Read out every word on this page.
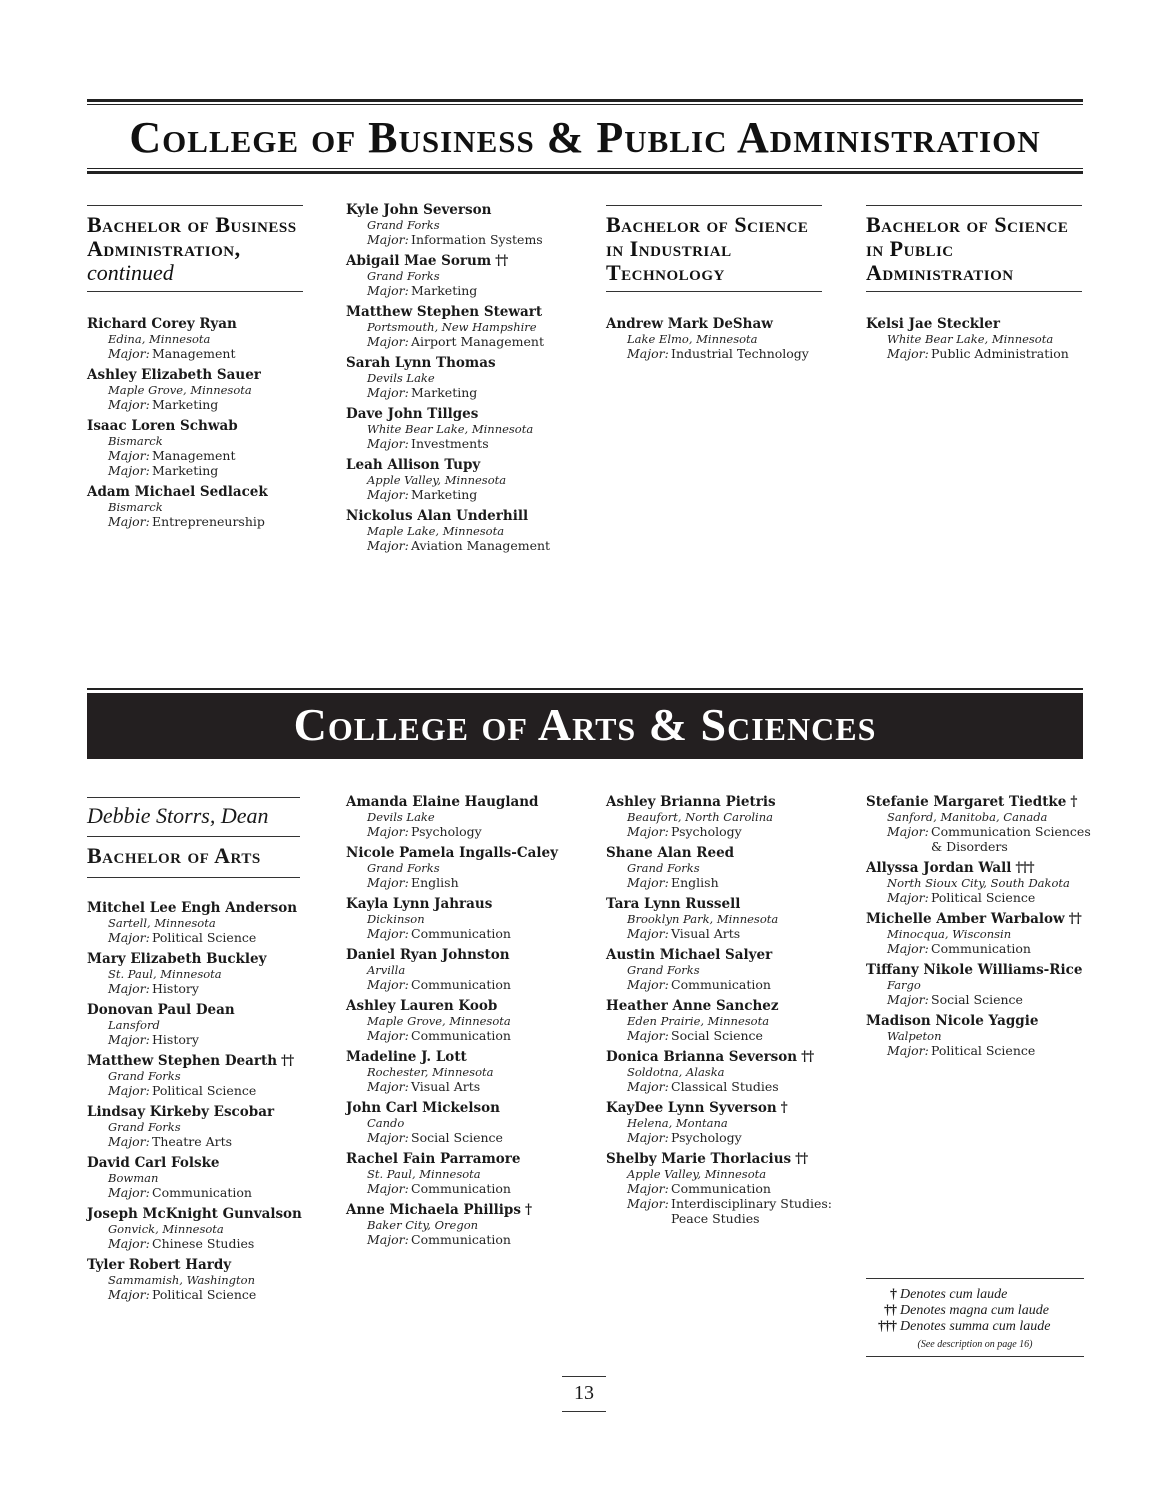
College of Business & Public Administration
Bachelor of Business Administration,
continued
Richard Corey Ryan
Edina, Minnesota
Major: Management
Ashley Elizabeth Sauer
Maple Grove, Minnesota
Major: Marketing
Isaac Loren Schwab
Bismarck
Major: Management
Major: Marketing
Adam Michael Sedlacek
Bismarck
Major: Entrepreneurship
Kyle John Severson
Grand Forks
Major: Information Systems
Abigail Mae Sorum ††
Grand Forks
Major: Marketing
Matthew Stephen Stewart
Portsmouth, New Hampshire
Major: Airport Management
Sarah Lynn Thomas
Devils Lake
Major: Marketing
Dave John Tillges
White Bear Lake, Minnesota
Major: Investments
Leah Allison Tupy
Apple Valley, Minnesota
Major: Marketing
Nickolus Alan Underhill
Maple Lake, Minnesota
Major: Aviation Management
Bachelor of Science in Industrial Technology
Andrew Mark DeShaw
Lake Elmo, Minnesota
Major: Industrial Technology
Bachelor of Science in Public Administration
Kelsi Jae Steckler
White Bear Lake, Minnesota
Major: Public Administration
College of Arts & Sciences
Debbie Storrs, Dean
Bachelor of Arts
Mitchel Lee Engh Anderson
Sartell, Minnesota
Major: Political Science
Mary Elizabeth Buckley
St. Paul, Minnesota
Major: History
Donovan Paul Dean
Lansford
Major: History
Matthew Stephen Dearth ††
Grand Forks
Major: Political Science
Lindsay Kirkeby Escobar
Grand Forks
Major: Theatre Arts
David Carl Folske
Bowman
Major: Communication
Joseph McKnight Gunvalson
Gonvick, Minnesota
Major: Chinese Studies
Tyler Robert Hardy
Sammamish, Washington
Major: Political Science
Amanda Elaine Haugland
Devils Lake
Major: Psychology
Nicole Pamela Ingalls-Caley
Grand Forks
Major: English
Kayla Lynn Jahraus
Dickinson
Major: Communication
Daniel Ryan Johnston
Arvilla
Major: Communication
Ashley Lauren Koob
Maple Grove, Minnesota
Major: Communication
Madeline J. Lott
Rochester, Minnesota
Major: Visual Arts
John Carl Mickelson
Cando
Major: Social Science
Rachel Fain Parramore
St. Paul, Minnesota
Major: Communication
Anne Michaela Phillips †
Baker City, Oregon
Major: Communication
Ashley Brianna Pietris
Beaufort, North Carolina
Major: Psychology
Shane Alan Reed
Grand Forks
Major: English
Tara Lynn Russell
Brooklyn Park, Minnesota
Major: Visual Arts
Austin Michael Salyer
Grand Forks
Major: Communication
Heather Anne Sanchez
Eden Prairie, Minnesota
Major: Social Science
Donica Brianna Severson ††
Soldotna, Alaska
Major: Classical Studies
KayDee Lynn Syverson †
Helena, Montana
Major: Psychology
Shelby Marie Thorlacius ††
Apple Valley, Minnesota
Major: Communication
Major: Interdisciplinary Studies: Peace Studies
Stefanie Margaret Tiedtke †
Sanford, Manitoba, Canada
Major: Communication Sciences & Disorders
Allyssa Jordan Wall †††
North Sioux City, South Dakota
Major: Political Science
Michelle Amber Warbalow ††
Minocqua, Wisconsin
Major: Communication
Tiffany Nikole Williams-Rice
Fargo
Major: Social Science
Madison Nicole Yaggie
Walpeton
Major: Political Science
† Denotes cum laude
†† Denotes magna cum laude
††† Denotes summa cum laude
(See description on page 16)
13
